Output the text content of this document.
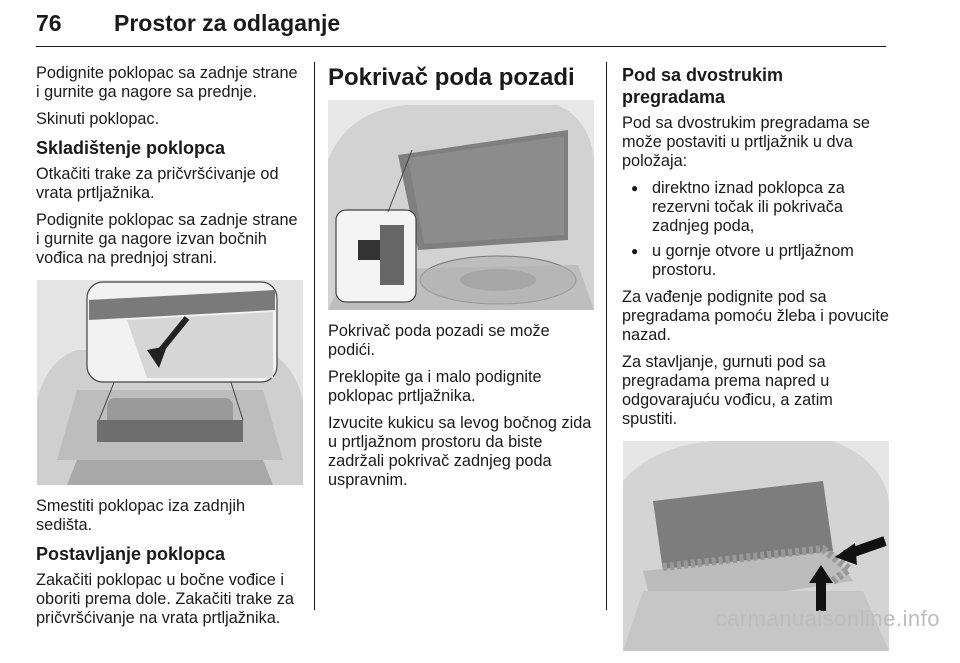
76 Prostor za odlaganje

Podignite poklopac sa zadnje strane i gurnite ga nagore sa prednje.

Skinuti poklopac.

Skladištenje poklopca

Otkačiti trake za pričvršćivanje od vrata prtljažnika.

Podignite poklopac sa zadnje strane i gurnite ga nagore izvan bočnih vođica na prednjoj strani.

Smestiti poklopac iza zadnjih sedišta.

Postavljanje poklopca

Zakačiti poklopac u bočne vođice i oboriti prema dole. Zakačiti trake za pričvršćivanje na vrata prtljažnika.

Pokrivač poda pozadi

Pokrivač poda pozadi se može podići.

Preklopite ga i malo podignite poklopac prtljažnika.

Izvucite kukicu sa levog bočnog zida u prtljažnom prostoru da biste zadržali pokrivač zadnjeg poda uspravnim.

Pod sa dvostrukim pregradama

Pod sa dvostrukim pregradama se može postaviti u prtljažnik u dva položaja:

● direktno iznad poklopca za rezervni točak ili pokrivača zadnjeg poda,
● u gornje otvore u prtljažnom prostoru.

Za vađenje podignite pod sa pregradama pomoću žleba i povucite nazad.

Za stavljanje, gurnuti pod sa pregradama prema napred u odgovarajuću vođicu, a zatim spustiti.

carmanualsonline.info
